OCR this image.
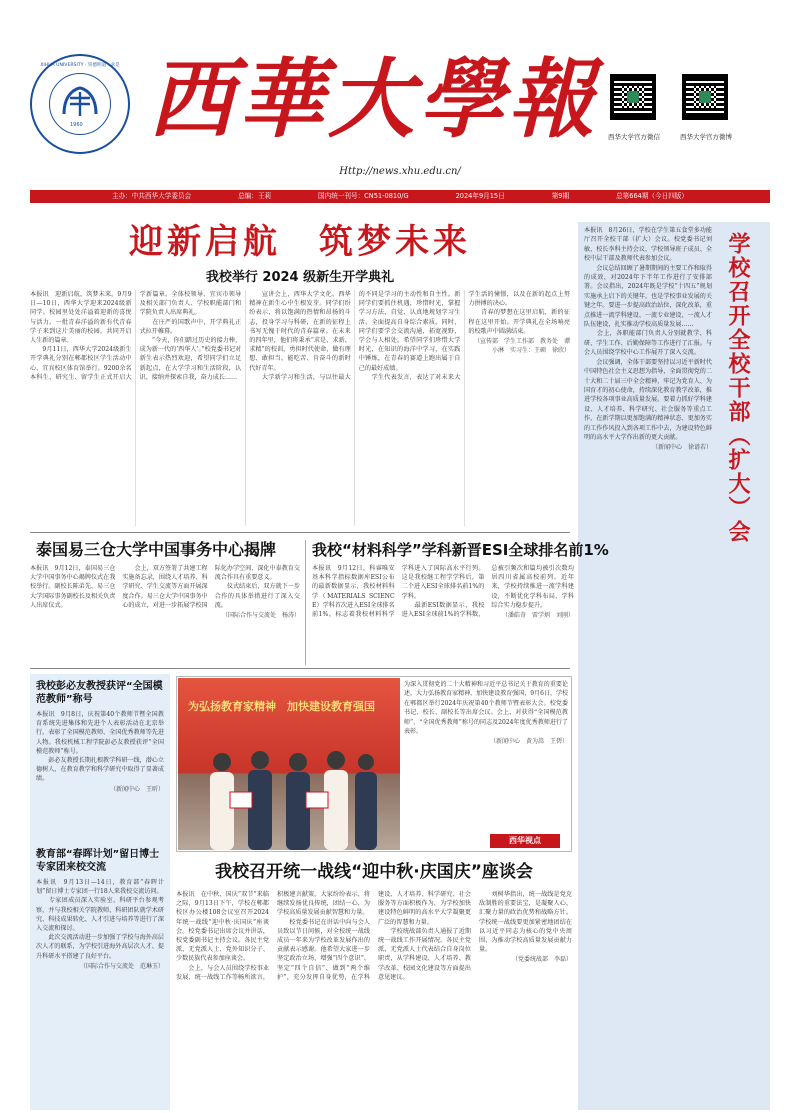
XIHUA UNIVERSITY · 崇德明道 · 求是
1960 西華大學報
Http://news.xhu.edu.cn/
西华大学官方微信	西华大学官方微博
主办：中共西华大学委员会	总编：王莉	国内统一刊号：CN51-0810/G	2024年9月15日	第9期	总第664期（今日四版）
迎新启航　筑梦未来
我校举行 2024 级新生开学典礼
本报讯　迎新启航，筑梦未来。9月9日—10日，西华大学迎来2024级新同学。校园里处处洋溢着迎新的喜悦与活力。一批青春洋溢的新有代青春学子来到这片美丽的校园，共同开启人生新的篇章。
　　9月11日，西华大学2024级新生开学典礼分别在郫都校区学生活动中心、宜宾校区体育馆举行。9200余名本科生、研究生、留学生正式开启大学新篇章。全体校领导、宜宾市领导及相关部门负责人、学校职能部门和学院负责人出席典礼。
　　在庄严的国歌声中，开学典礼正式拉开帷幕。
　　“今天，你们踏过历史的接力棒，成为新一代的‘西华人’。”校党委书记对新生表示热烈欢迎，希望同学们立足新起点，在大学学习和生活阶段，认识、接纳并探索自我，奋力成长……
　　宣讲会上，西华大学文化、西华精神在新生心中生根发芽。同学们纷纷表示，将以饱满的热情和昂扬的斗志，投身学习与科研，在新的征程上书写无愧于时代的青春篇章。在未来的四年里，他们将秉承“求是、求新、求精”的校训，勇担时代使命，做有理想、敢担当、能吃苦、肯奋斗的新时代好青年。
　　大学新学习和生活，与以往最大的不同是学习的主动性和自主性。新同学们要抓住机遇，珍惜时光，掌握学习方法，自觉、认真地规划学习生活，全面提高自身综合素质。同时，同学们要学会交流沟通，拓宽视野，学会与人相处。希望同学们珍惜大学时光，在知识的海洋中学习，在实践中锤炼，在青春的赛道上跑出属于自己的最好成绩。
　　学生代表发言，表达了对未来大学生活的憧憬，以及在新的起点上努力拼搏的决心。
　　青春的梦想在这里启航，新的征程在这里开始。开学典礼在全场响亮的校歌声中圆满结束。
（宣传部　学生工作部　教务处　谭小淋　实习生：王硕　徐欣）
本报讯　8月26日，学校在学生第五食堂多功能厅召开全校干部（扩大）会议。校党委书记刘敏，校长李科主持会议，学校领导班子成员、全校中层干部及教师代表参加会议。
　　会议总结回顾了暑期期间的主要工作和取得的成效，对2024年下半年工作进行了安排部署。会议指出，2024年既是学校“十四五”规划实施承上启下的关键年，也是学校事业发展的关键之年。要进一步提高政治站位，深化改革，重点推进一流学科建设、一流专业建设、一流人才队伍建设，扎实推动学校高质量发展……
　　会上，各职能部门负责人分别就教学、科研、学生工作、后勤保障等工作进行了汇报。与会人员围绕学校中心工作展开了深入交流。
　　会议强调，全体干部要坚持以习近平新时代中国特色社会主义思想为指导，全面贯彻党的二十大和二十届三中全会精神，牢记为党育人、为国育才的初心使命，持续深化教育教学改革，推进学校各项事业高质量发展。要着力抓好学科建设、人才培养、科学研究、社会服务等重点工作，在新学期以更加饱满的精神状态、更加务实的工作作风投入到各项工作中去，为建设特色鲜明的高水平大学作出新的更大贡献。
（新闻中心　徐谱若） 学校召开全校干部（扩大）会
泰国易三仓大学中国事务中心揭牌
本报讯　9月12日，泰国易三仓大学中国事务中心揭牌仪式在我校举行。副校长陈弟先、易三仓大学国际事务副校长及相关负责人出席仪式。
　　会上，双方签署了共建工程实施备忘录，围绕人才培养、科学研究、学生交流等方面开展深度合作。易三仓大学中国事务中心的成立，对进一步拓展学校国际化办学空间、深化中泰教育交流合作具有重要意义。
　　仪式结束后，双方就下一步合作的具体举措进行了深入交流。
（国际合作与交流处　杨涛）
我校“材料科学”学科新晋ESI全球排名前1%
本报讯　9月12日，科睿唯安基本科学指标数据库ESI公布的最新数据显示，我校材料科学（MATERIALS SCIENCE）学科首次进入ESI全球排名前1%，标志着我校材料科学学科进入了国际高水平行列。这是我校继工程学学科后，第二个进入ESI全球排名前1%的学科。
　　最新ESI数据显示，我校进入ESI全球前1%的学科数，总被引频次和篇均被引次数均居四川省属高校前列。近年来，学校持续推进一流学科建设，不断优化学科布局，学科综合实力稳步提升。
（潘皓奇　雷学炳　刘刚）
我校彭必友教授获评“全国模范教师”称号
本报讯　9月8日，庆祝第40个教师节暨全国教育系统先进集体和先进个人表彰活动在北京举行，表彰了全国模范教师、全国优秀教师等先进人物。我校机械工程学院彭必友教授获评“全国模范教师”称号。
　　彭必友教授长期扎根教学科研一线，潜心立德树人，在教育教学和科学研究中取得了显著成绩。
（新闻中心　王昕）
教育部“春晖计划”留日博士专家团来校交流
本报讯　9月13日—14日，教育部“春晖计划”留日博士专家团一行18人来我校交流访问。
　　专家团成员深入实验室、科研平台参观考察，并与我校相关学院教师、科研团队就学术研究、科技成果转化、人才引进与培养等进行了深入交流和探讨。
　　此次交流活动进一步加强了学校与海外高层次人才的联系，为学校引进海外高层次人才、提升科研水平搭建了良好平台。
（国际合作与交流处　范琳玉）
为弘扬教育家精神　加快建设教育强国
为深入贯彻党的二十大精神和习近平总书记关于教育的重要论述，大力弘扬教育家精神，加快建设教育强国，9月6日，学校在郫都区举行2024年庆祝第40个教师节暨表彰大会。校党委书记、校长、副校长等出席会议。会上，对获得“全国模范教师”、“全国优秀教师”称号的同志及2024年度优秀教师进行了表彰。
（新闻中心　黄为嵩　王碧）
西华视点
我校召开统一战线“迎中秋·庆国庆”座谈会
本报讯　在中秋、国庆“双节”来临之际，9月13日下午，学校在郫都校区办公楼108会议室召开2024年统一战线“迎中秋·庆国庆”座谈会。校党委书记出席会议并讲话，校党委副书记主持会议。各民主党派、无党派人士、党外知识分子、少数民族代表参加座谈会。
　　会上，与会人员围绕学校事业发展、统一战线工作等畅所欲言，积极建言献策。大家纷纷表示，将继续发扬优良传统，团结一心，为学校高质量发展贡献智慧和力量。
　　校党委书记在讲话中向与会人员致以节日问候，对全校统一战线成员一年来为学校改革发展作出的贡献表示感谢。他希望大家进一步坚定政治立场，增强“四个意识”、坚定“四个自信”、做到“两个维护”，充分发挥自身优势，在学科建设、人才培养、科学研究、社会服务等方面积极作为，为学校加快建设特色鲜明的高水平大学凝聚更广泛的智慧和力量。
　　学校统战部负责人通报了近期统一战线工作开展情况。各民主党派、无党派人士代表结合自身岗位职责，从学科建设、人才培养、教学改革、校园文化建设等方面提出意见建议。
　　刘树华指出，统一战线是党克敌制胜的重要法宝，是凝聚人心、汇聚力量的政治优势和战略方针。学校统一战线要更加紧密地团结在以习近平同志为核心的党中央周围，为推动学校高质量发展贡献力量。
（党委统战部　李磊）
